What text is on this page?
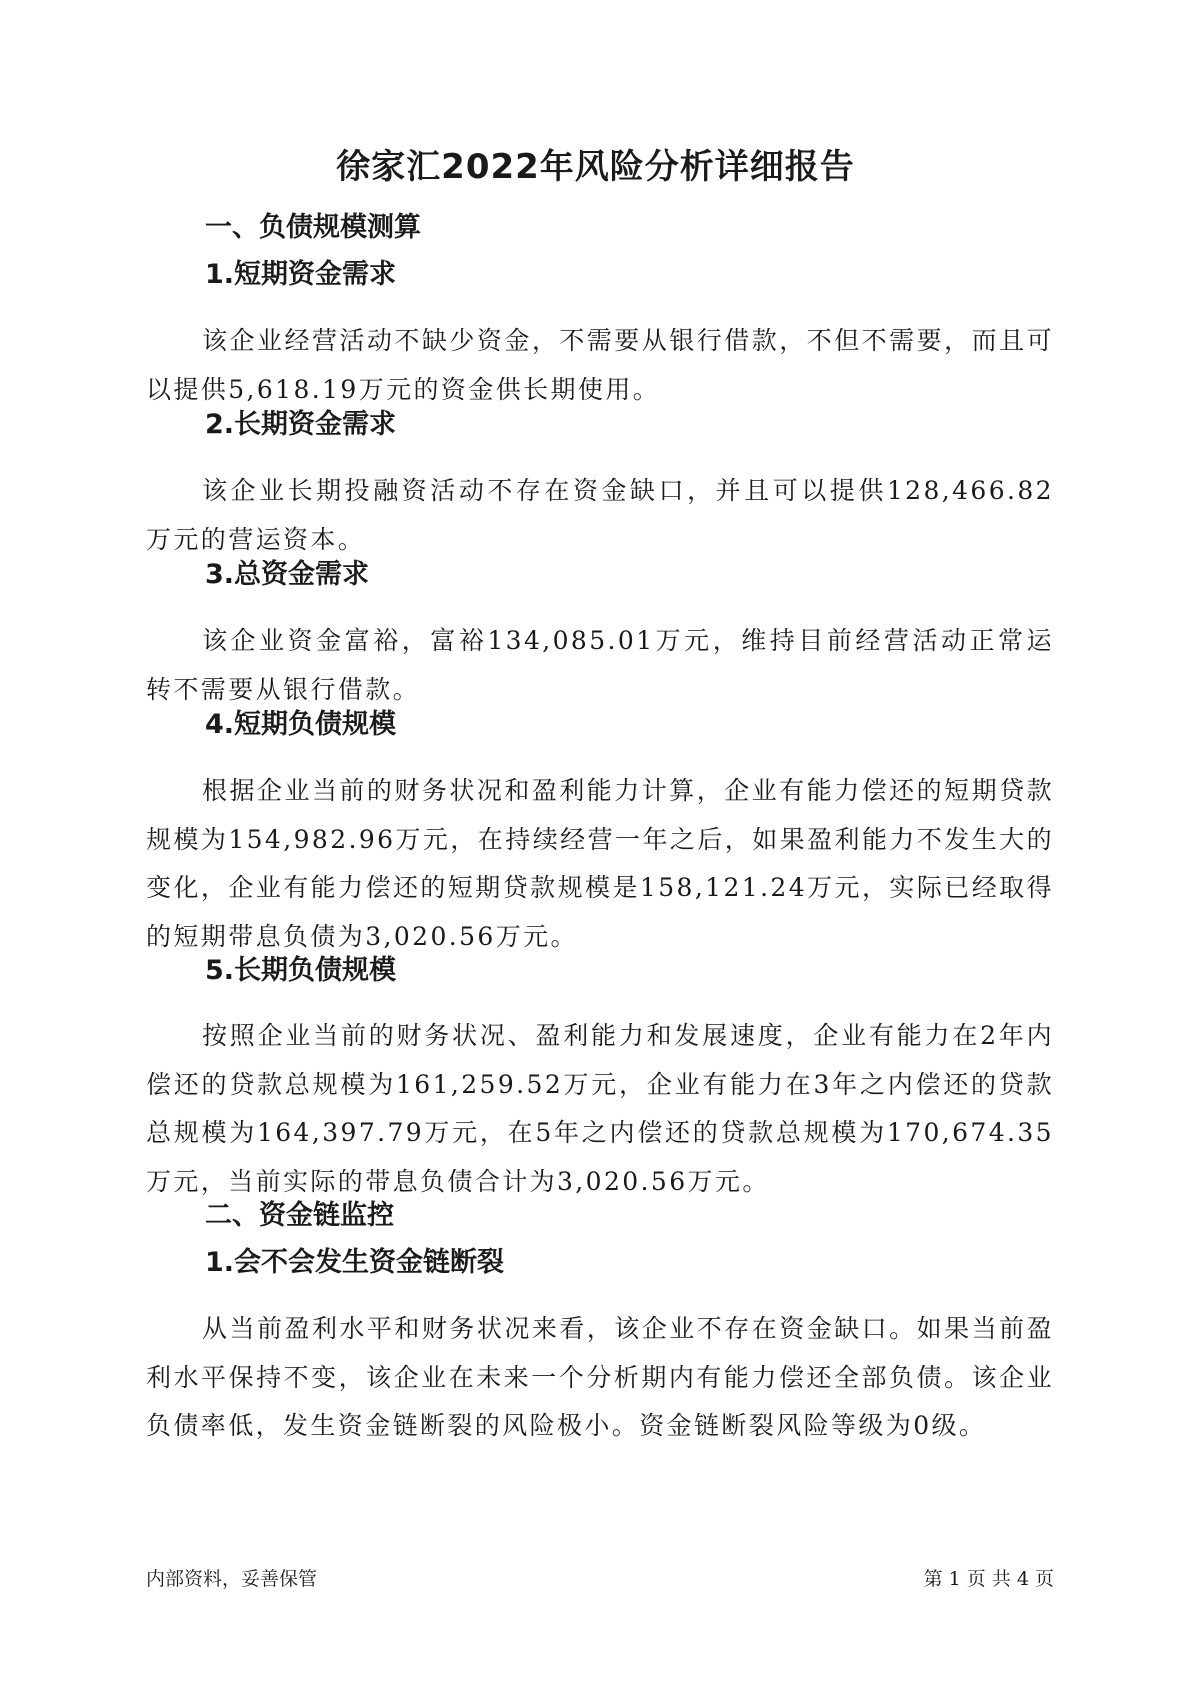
徐家汇2022年风险分析详细报告
一、负债规模测算
1.短期资金需求
该企业经营活动不缺少资金，不需要从银行借款，不但不需要，而且可以提供5,618.19万元的资金供长期使用。
2.长期资金需求
该企业长期投融资活动不存在资金缺口，并且可以提供128,466.82万元的营运资本。
3.总资金需求
该企业资金富裕，富裕134,085.01万元，维持目前经营活动正常运转不需要从银行借款。
4.短期负债规模
根据企业当前的财务状况和盈利能力计算，企业有能力偿还的短期贷款规模为154,982.96万元，在持续经营一年之后，如果盈利能力不发生大的变化，企业有能力偿还的短期贷款规模是158,121.24万元，实际已经取得的短期带息负债为3,020.56万元。
5.长期负债规模
按照企业当前的财务状况、盈利能力和发展速度，企业有能力在2年内偿还的贷款总规模为161,259.52万元，企业有能力在3年之内偿还的贷款总规模为164,397.79万元，在5年之内偿还的贷款总规模为170,674.35万元，当前实际的带息负债合计为3,020.56万元。
二、资金链监控
1.会不会发生资金链断裂
从当前盈利水平和财务状况来看，该企业不存在资金缺口。如果当前盈利水平保持不变，该企业在未来一个分析期内有能力偿还全部负债。该企业负债率低，发生资金链断裂的风险极小。资金链断裂风险等级为0级。
内部资料，妥善保管	第 1 页 共 4 页
